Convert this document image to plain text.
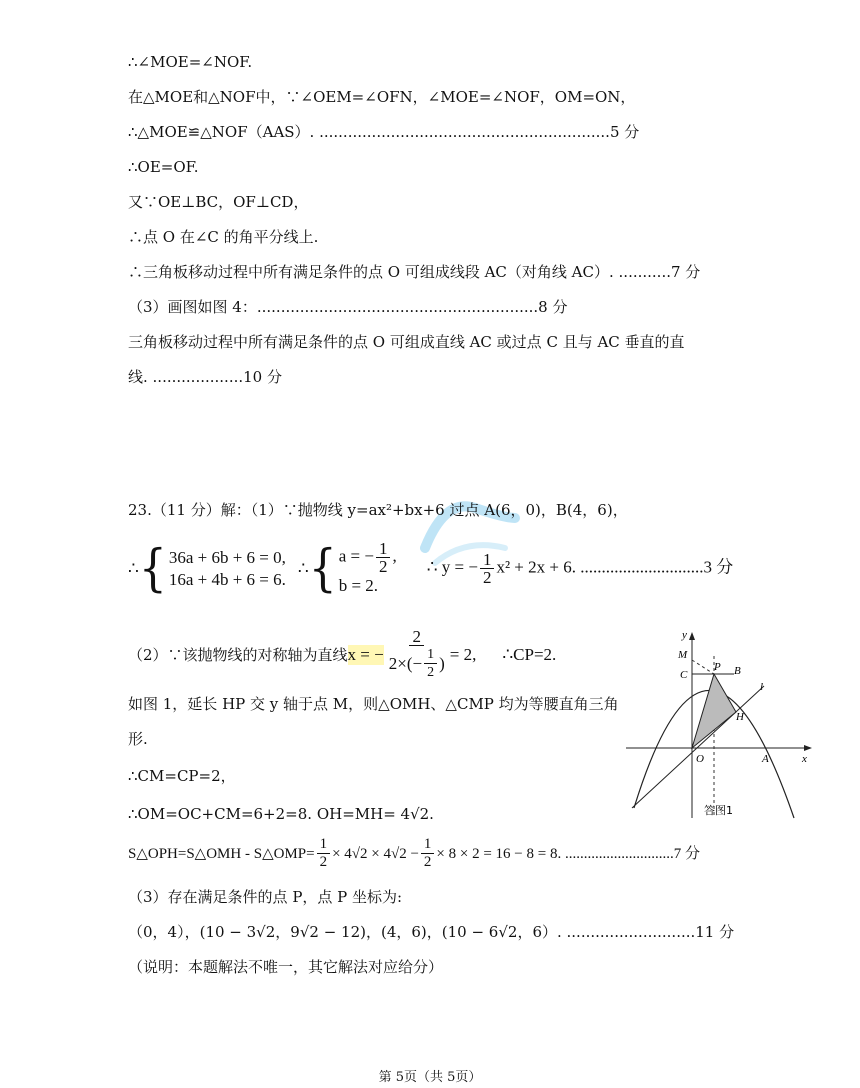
∴∠MOE=∠NOF.
在△MOE和△NOF中，∵∠OEM=∠OFN，∠MOE=∠NOF，OM=ON，
∴△MOE≌△NOF（AAS）. .............................................................5 分
∴OE=OF.
又∵OE⊥BC，OF⊥CD，
∴点 O 在∠C 的角平分线上.
∴三角板移动过程中所有满足条件的点 O 可组成线段 AC（对角线 AC）. ...........7 分
（3）画图如图 4：...........................................................8 分
三角板移动过程中所有满足条件的点 O 可组成直线 AC 或过点 C 且与 AC 垂直的直
线. ...................10 分
23.（11 分）解：（1）∵抛物线 y=ax²+bx+6 过点 A(6，0)，B(4，6)，
∴ { 36a + 6b + 6 = 0,
16a + 4b + 6 = 6.
∴ { a = − $\frac{1}{2}$ ,
b = 2.
∴ y = − $\frac{1}{2} x^2 + 2x + 6$. .............................3 分
（2）∵该抛物线的对称轴为直线 x = − $\frac{2}{2\times(- \frac{1}{2} )} = 2$, ∴CP=2.
如图 1，延长 HP 交 y 轴于点 M，则△OMH、△CMP 均为等腰直角三角
形.
∴CM=CP=2，
∴OM=OC+CM=6+2=8. OH=MH= 4√2.
S△OPH=S△OMH - S△OMP= $\frac{1}{2} \times 4√2 \times 4√2 - \frac{1}{2} \times 8 \times 2 = 16 - 8 = 8$. .............................7 分
（3）存在满足条件的点 P，点 P 坐标为:
（0，4），(10 − 3√2，9√2 − 12)，(4，6)，(10 − 6√2，6）. ...........................11 分
（说明：本题解法不唯一，其它解法对应给分）
y
x
M
C
P B
l
H
O	A
答图1
第 5页（共 5页）
